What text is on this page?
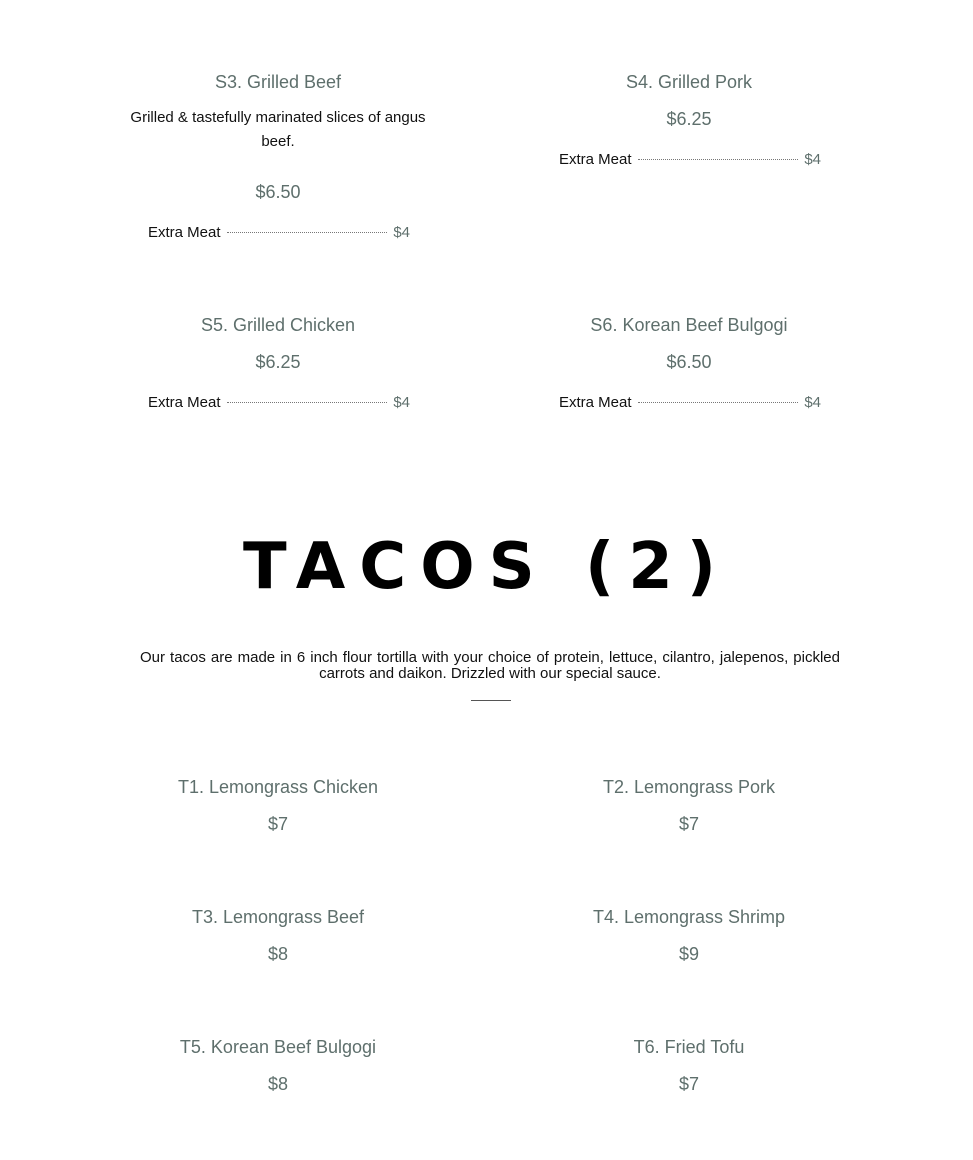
S3. Grilled Beef
Grilled & tastefully marinated slices of angus beef.
$6.50
Extra Meat	$4
S4. Grilled Pork
$6.25
Extra Meat	$4
S5. Grilled Chicken
$6.25
Extra Meat	$4
S6. Korean Beef Bulgogi
$6.50
Extra Meat	$4
TACOS (2)
Our tacos are made in 6 inch flour tortilla with your choice of protein, lettuce, cilantro, jalepenos, pickled carrots and daikon. Drizzled with our special sauce.
T1. Lemongrass Chicken
$7
T2. Lemongrass Pork
$7
T3. Lemongrass Beef
$8
T4. Lemongrass Shrimp
$9
T5. Korean Beef Bulgogi
$8
T6. Fried Tofu
$7
